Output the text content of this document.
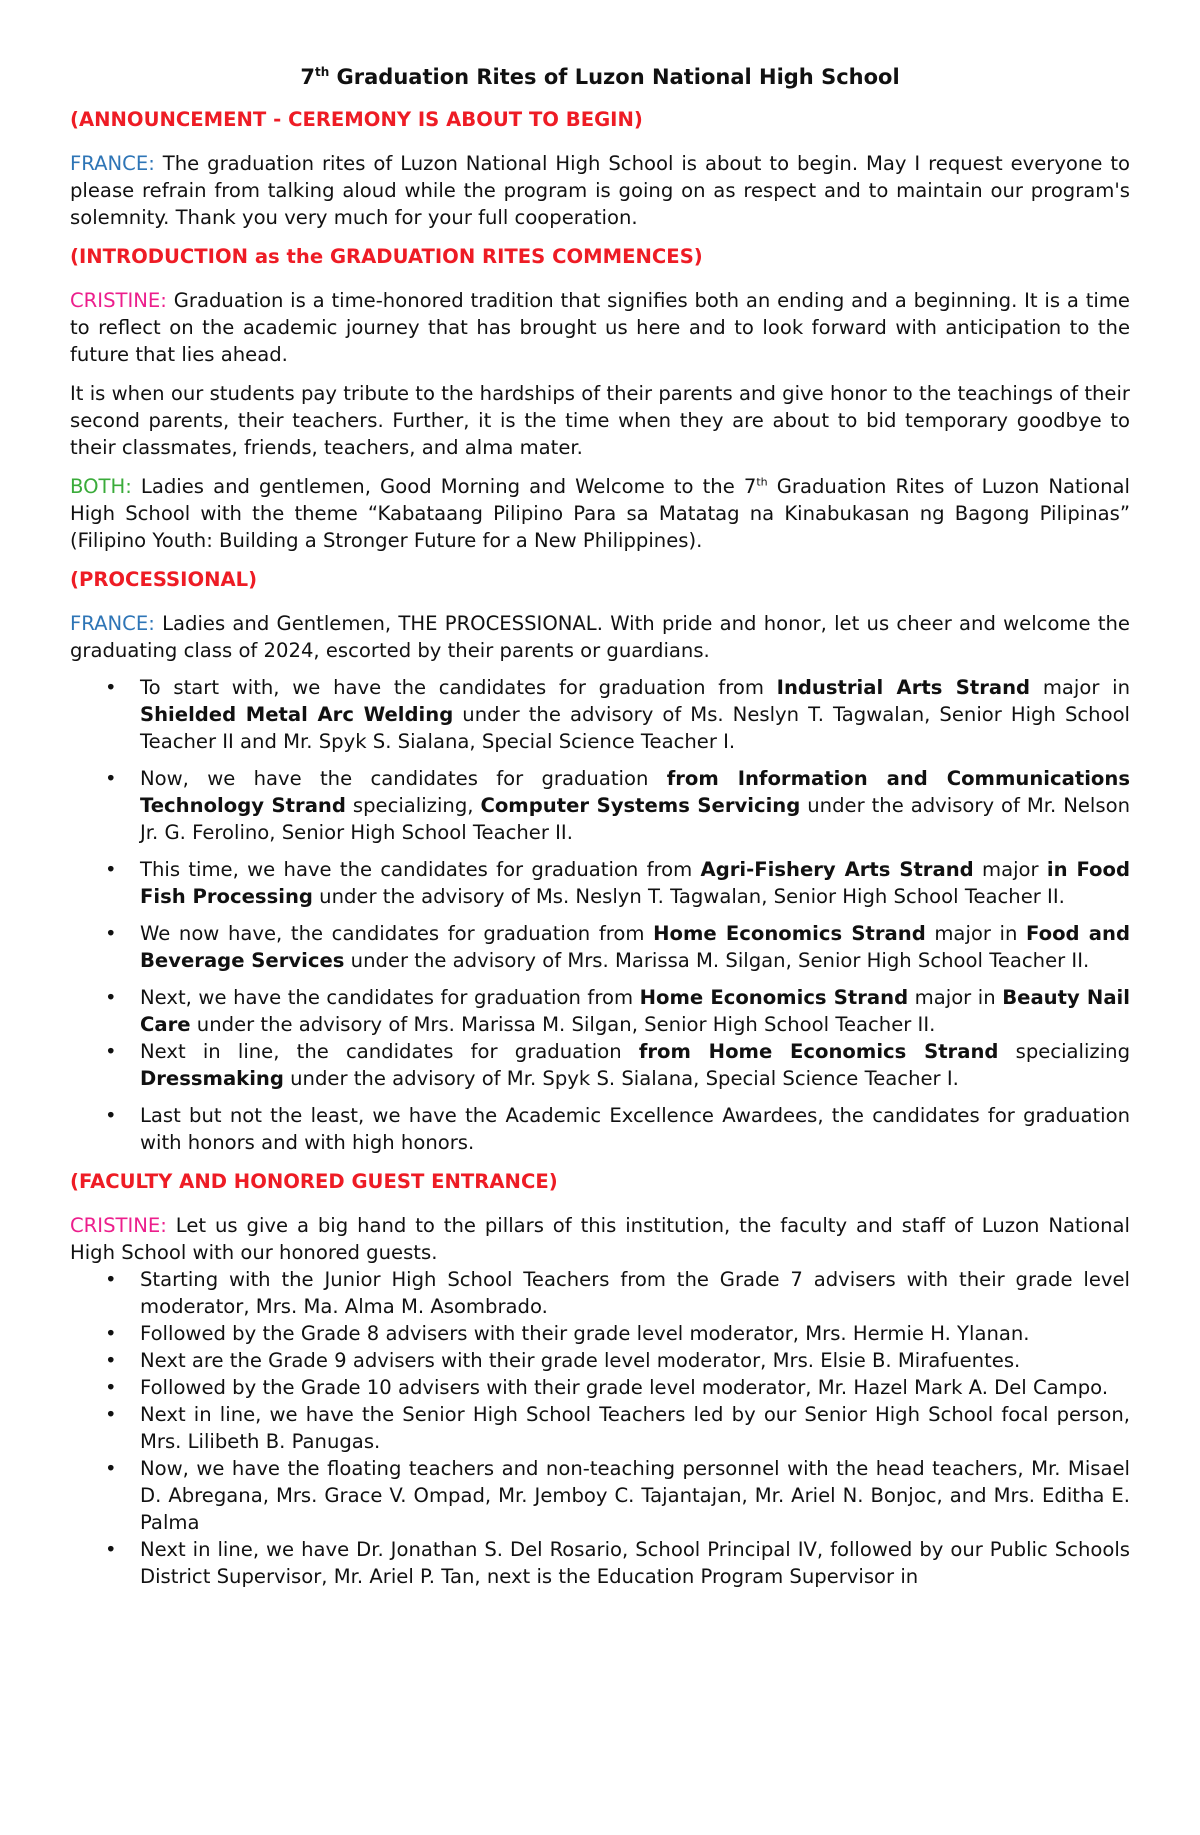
7th Graduation Rites of Luzon National High School
(ANNOUNCEMENT - CEREMONY IS ABOUT TO BEGIN)

FRANCE: The graduation rites of Luzon National High School is about to begin. May I request everyone to please refrain from talking aloud while the program is going on as respect and to maintain our program's solemnity. Thank you very much for your full cooperation.

(INTRODUCTION as the GRADUATION RITES COMMENCES)

CRISTINE: Graduation is a time-honored tradition that signifies both an ending and a beginning. It is a time to reflect on the academic journey that has brought us here and to look forward with anticipation to the future that lies ahead.

It is when our students pay tribute to the hardships of their parents and give honor to the teachings of their second parents, their teachers. Further, it is the time when they are about to bid temporary goodbye to their classmates, friends, teachers, and alma mater.

BOTH: Ladies and gentlemen, Good Morning and Welcome to the 7th Graduation Rites of Luzon National High School with the theme “Kabataang Pilipino Para sa Matatag na Kinabukasan ng Bagong Pilipinas” (Filipino Youth: Building a Stronger Future for a New Philippines).

(PROCESSIONAL)

FRANCE: Ladies and Gentlemen, THE PROCESSIONAL. With pride and honor, let us cheer and welcome the graduating class of 2024, escorted by their parents or guardians.

• To start with, we have the candidates for graduation from Industrial Arts Strand major in Shielded Metal Arc Welding under the advisory of Ms. Neslyn T. Tagwalan, Senior High School Teacher II and Mr. Spyk S. Sialana, Special Science Teacher I.
• Now, we have the candidates for graduation from Information and Communications Technology Strand specializing, Computer Systems Servicing under the advisory of Mr. Nelson Jr. G. Ferolino, Senior High School Teacher II.
• This time, we have the candidates for graduation from Agri-Fishery Arts Strand major in Food Fish Processing under the advisory of Ms. Neslyn T. Tagwalan, Senior High School Teacher II.
• We now have, the candidates for graduation from Home Economics Strand major in Food and Beverage Services under the advisory of Mrs. Marissa M. Silgan, Senior High School Teacher II.
• Next, we have the candidates for graduation from Home Economics Strand major in Beauty Nail Care under the advisory of Mrs. Marissa M. Silgan, Senior High School Teacher II.
• Next in line, the candidates for graduation from Home Economics Strand specializing Dressmaking under the advisory of Mr. Spyk S. Sialana, Special Science Teacher I.
• Last but not the least, we have the Academic Excellence Awardees, the candidates for graduation with honors and with high honors.
(FACULTY AND HONORED GUEST ENTRANCE)

CRISTINE: Let us give a big hand to the pillars of this institution, the faculty and staff of Luzon National High School with our honored guests.

• Starting with the Junior High School Teachers from the Grade 7 advisers with their grade level moderator, Mrs. Ma. Alma M. Asombrado.
• Followed by the Grade 8 advisers with their grade level moderator, Mrs. Hermie H. Ylanan.
• Next are the Grade 9 advisers with their grade level moderator, Mrs. Elsie B. Mirafuentes.
• Followed by the Grade 10 advisers with their grade level moderator, Mr. Hazel Mark A. Del Campo.
• Next in line, we have the Senior High School Teachers led by our Senior High School focal person, Mrs. Lilibeth B. Panugas.
• Now, we have the floating teachers and non-teaching personnel with the head teachers, Mr. Misael D. Abregana, Mrs. Grace V. Ompad, Mr. Jemboy C. Tajantajan, Mr. Ariel N. Bonjoc, and Mrs. Editha E. Palma
• Next in line, we have Dr. Jonathan S. Del Rosario, School Principal IV, followed by our Public Schools District Supervisor, Mr. Ariel P. Tan, next is the Education Program Supervisor in
